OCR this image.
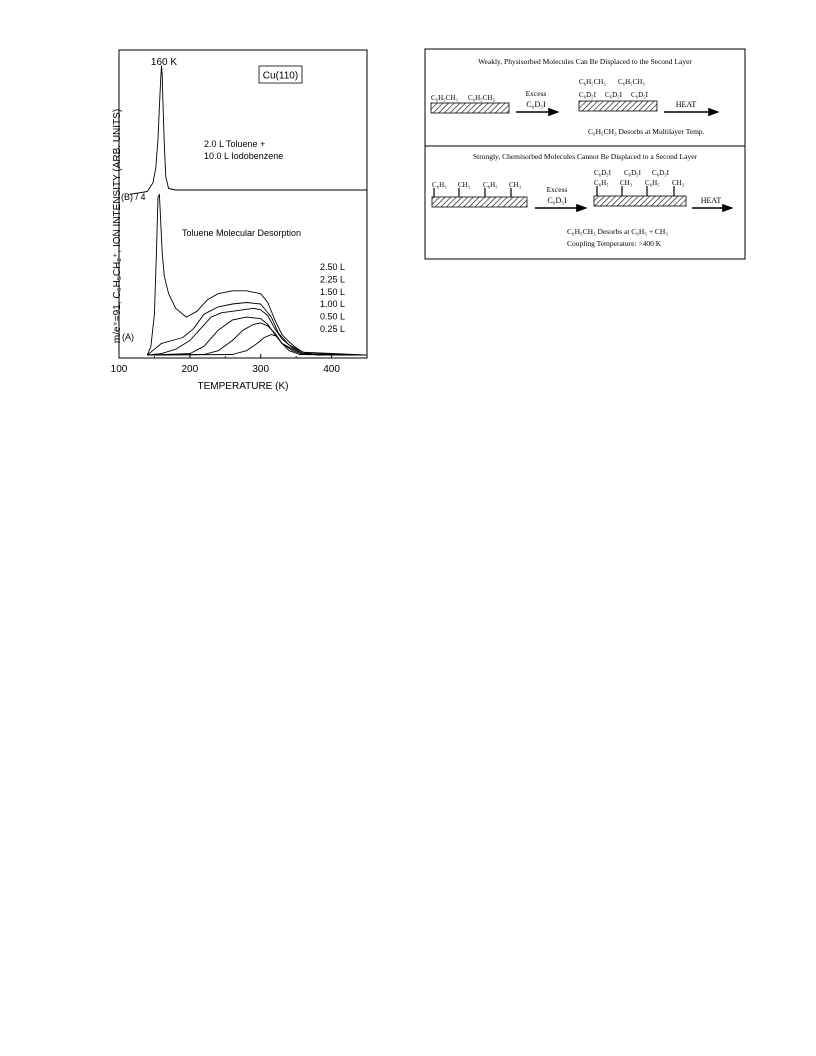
m/e⁺=91, C₆H₅CH₂⁺, ION INTENSITY (ARB. UNITS)
100	200	300	400
TEMPERATURE (K)
160 K
Cu(110)
2.0 L Toluene +
10.0 L Iodobenzene
(B) / 4
Toluene Molecular Desorption
(A)
2.50 L
2.25 L
1.50 L
1.00 L
0.50 L
0.25 L
Weakly, Physisorbed Molecules Can Be Displaced to the Second Layer
C₆H₅CH₃ C₆H₅CH₃	Excess
C₆D₅I
C₆H₅CH₃ C₆H₅CH₃
C₆D₅I C₆D₅I C₆D₅I
HEAT
C₆H₅CH₃ Desorbs at Multilayer Temp.
Strongly, Chemisorbed Molecules Cannot Be Displaced to a Second Layer
C₆H₅ CH₃ C₆H₅ CH₃	Excess
C₆D₅I
C₆D₅I C₆D₅I C₆D₅I
C₆H₅ CH₃ C₆H₅ CH₃
HEAT
C₆H₅CH₃ Desorbs at C₆H₅ + CH₃
Coupling Temperature: >400 K
